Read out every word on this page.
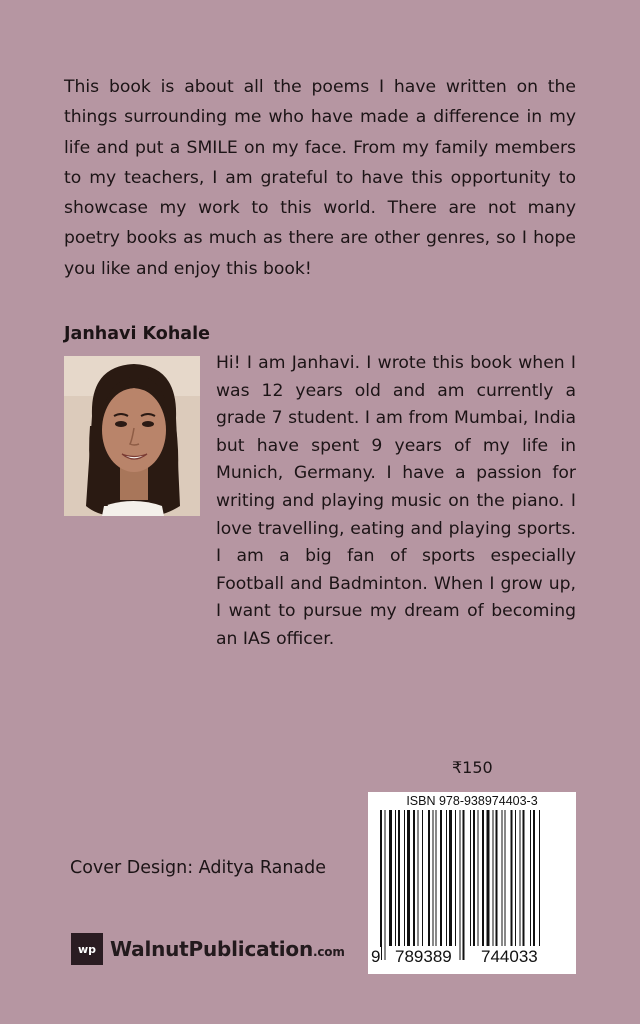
This book is about all the poems I have written on the things surrounding me who have made a difference in my life and put a SMILE on my face. From my family members to my teachers, I am grateful to have this opportunity to showcase my work to this world. There are not many poetry books as much as there are other genres, so I hope you like and enjoy this book!

Janhavi Kohale

Hi! I am Janhavi. I wrote this book when I was 12 years old and am currently a grade 7 student. I am from Mumbai, India but have spent 9 years of my life in Munich, Germany. I have a passion for writing and playing music on the piano. I love travelling, eating and playing sports. I am a big fan of sports especially Football and Badminton. When I grow up, I want to pursue my dream of becoming an IAS officer.

₹150

ISBN 978-938974403-3
9 789389 744033

Cover Design: Aditya Ranade

wp WalnutPublication.com
